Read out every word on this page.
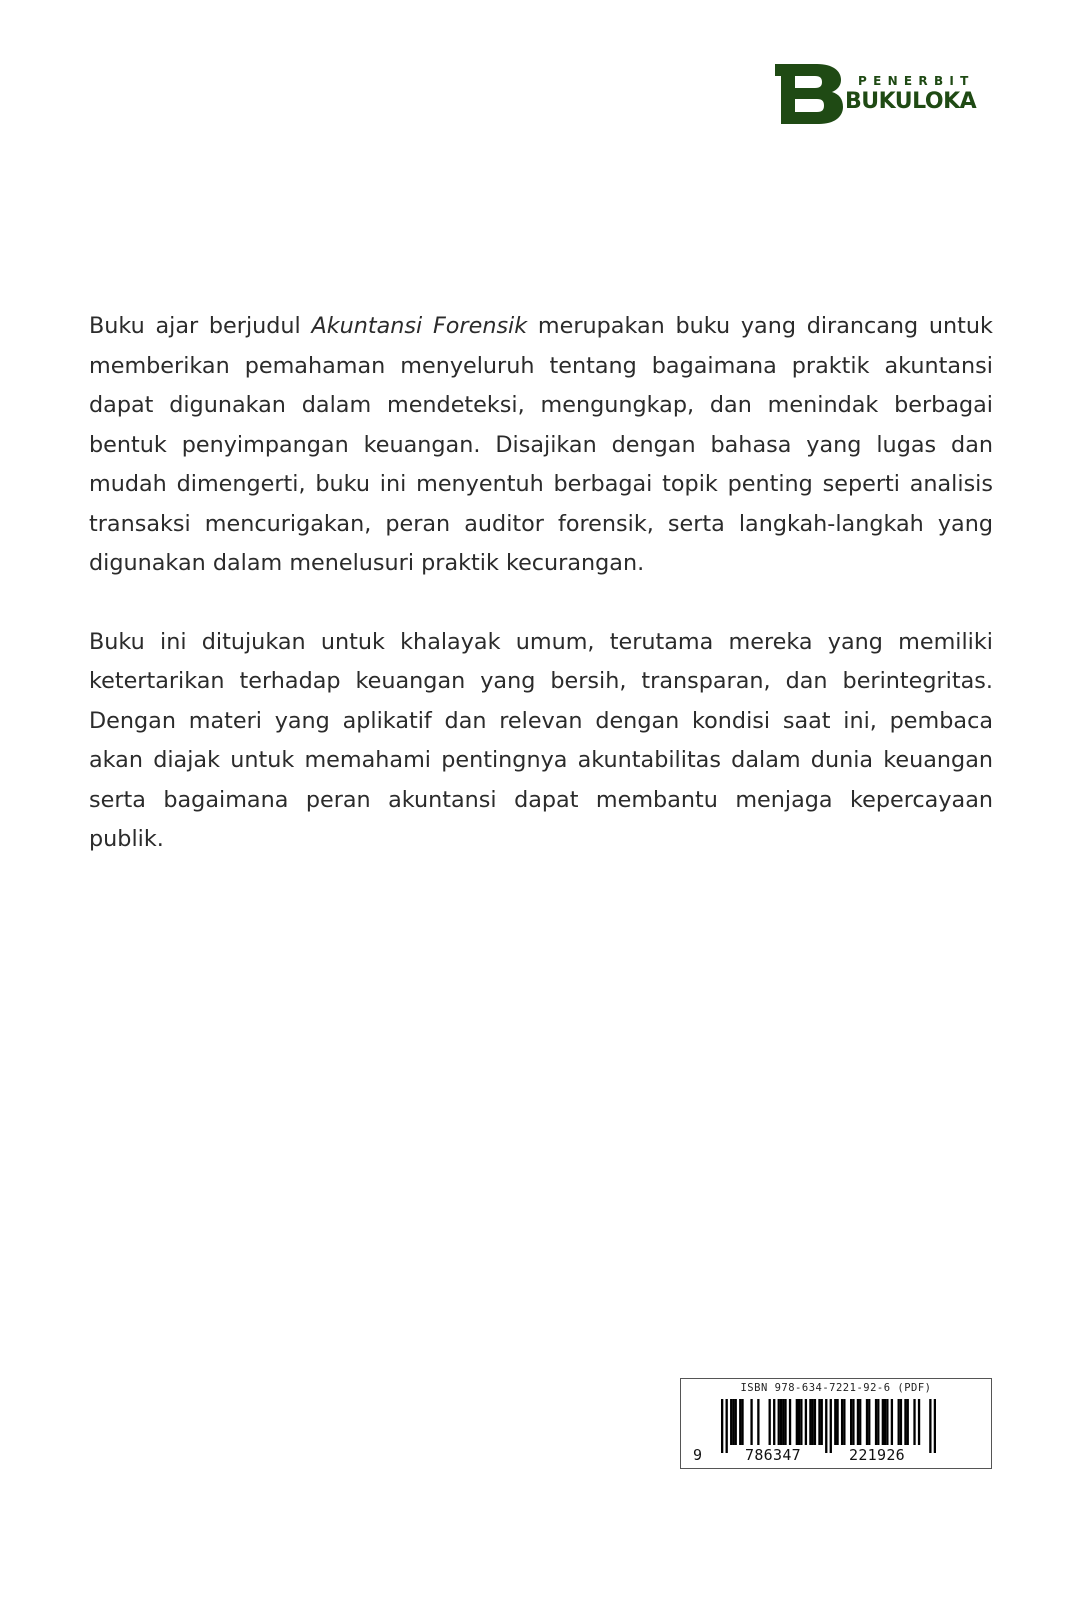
PENERBIT
BUKULOKA

Buku ajar berjudul Akuntansi Forensik merupakan buku yang dirancang untuk memberikan pemahaman menyeluruh tentang bagaimana praktik akuntansi dapat digunakan dalam mendeteksi, mengungkap, dan menindak berbagai bentuk penyimpangan keuangan. Disajikan dengan bahasa yang lugas dan mudah dimengerti, buku ini menyentuh berbagai topik penting seperti analisis transaksi mencurigakan, peran auditor forensik, serta langkah-langkah yang digunakan dalam menelusuri praktik kecurangan.

Buku ini ditujukan untuk khalayak umum, terutama mereka yang memiliki ketertarikan terhadap keuangan yang bersih, transparan, dan berintegritas. Dengan materi yang aplikatif dan relevan dengan kondisi saat ini, pembaca akan diajak untuk memahami pentingnya akuntabilitas dalam dunia keuangan serta bagaimana peran akuntansi dapat membantu menjaga kepercayaan publik.

ISBN 978-634-7221-92-6 (PDF)
9	786347	221926
